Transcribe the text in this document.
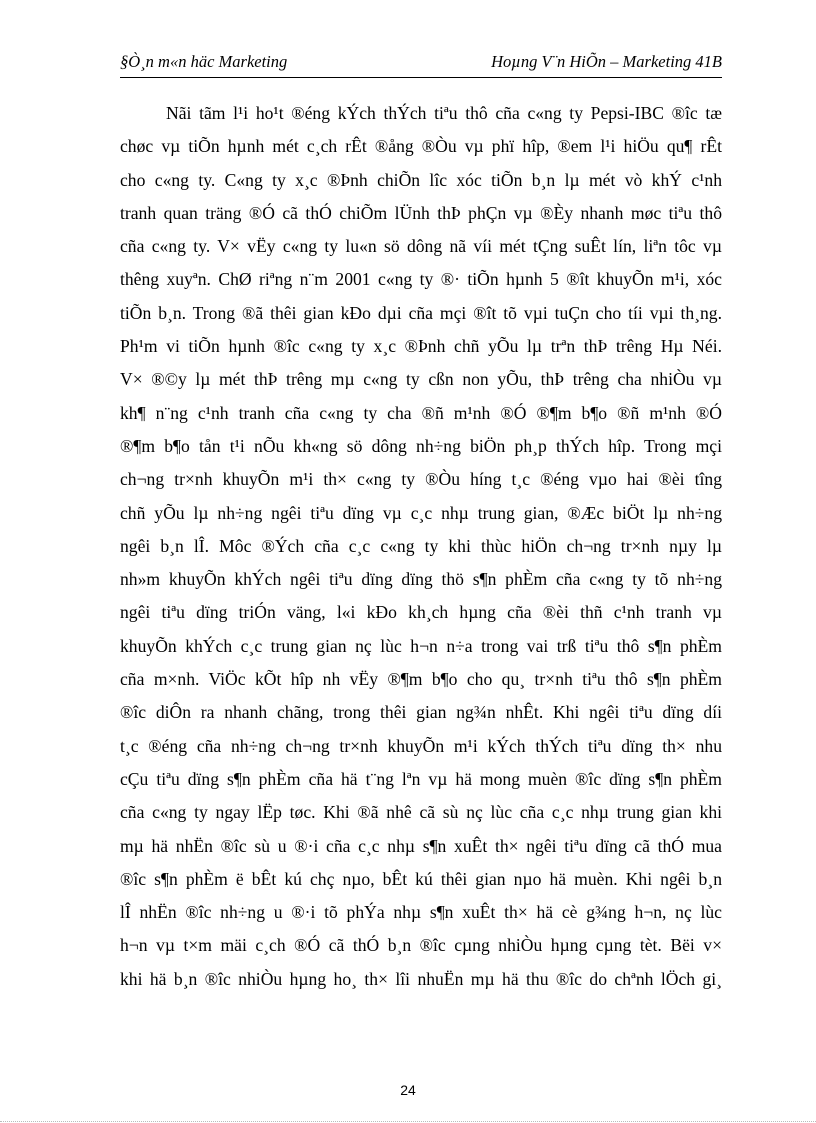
§Ò¸n m«n häc Marketing	Hoµng V¨n HiÕn – Marketing 41B
Nãi tãm l¹i ho¹t ®éng kÝch thÝch tiªu thô cña c«ng ty Pepsi-IBC ®îc tæ
chøc vµ tiÕn hµnh mét c¸ch rÊt ®ång ®Òu vµ phï hîp, ®em l¹i hiÖu qu¶ rÊt
cho c«ng ty. C«ng ty x¸c ®Þnh chiÕn lîc xóc tiÕn b¸n lµ mét vò khÝ c¹nh
tranh quan träng ®Ó cã thÓ chiÕm lÜnh thÞ phÇn vµ ®Èy nhanh møc tiªu thô
cña c«ng ty. V× vËy c«ng ty lu«n sö dông nã víi mét tÇng suÊt lín, liªn tôc vµ
thêng xuyªn. ChØ riªng n¨m 2001 c«ng ty ®· tiÕn hµnh 5 ®ît khuyÕn m¹i, xóc
tiÕn b¸n. Trong ®ã thêi gian kÐo dµi cña mçi ®ît tõ vµi tuÇn cho tíi vµi th¸ng.
Ph¹m vi tiÕn hµnh ®îc c«ng ty x¸c ®Þnh chñ yÕu lµ trªn thÞ trêng Hµ Néi.
V× ®©y lµ mét thÞ trêng mµ c«ng ty cßn non yÕu, thÞ trêng cha nhiÒu vµ
kh¶ n¨ng c¹nh tranh cña c«ng ty cha ®ñ m¹nh ®Ó ®¶m b¶o ®ñ m¹nh ®Ó
®¶m b¶o tån t¹i nÕu kh«ng sö dông nh÷ng biÖn ph¸p thÝch hîp. Trong mçi
ch¬ng tr×nh khuyÕn m¹i th× c«ng ty ®Òu híng t¸c ®éng vµo hai ®èi tîng
chñ yÕu lµ nh÷ng ngêi tiªu dïng vµ c¸c nhµ trung gian, ®Æc biÖt lµ nh÷ng
ngêi b¸n lÎ. Môc ®Ých cña c¸c c«ng ty khi thùc hiÖn ch¬ng tr×nh nµy lµ
nh»m khuyÕn khÝch ngêi tiªu dïng dïng thö s¶n phÈm cña c«ng ty tõ nh÷ng
ngêi tiªu dïng triÓn väng, l«i kÐo kh¸ch hµng cña ®èi thñ c¹nh tranh vµ
khuyÕn khÝch c¸c trung gian nç lùc h¬n n÷a trong vai trß tiªu thô s¶n phÈm
cña m×nh. ViÖc kÕt hîp nh vËy ®¶m b¶o cho qu¸ tr×nh tiªu thô s¶n phÈm
®îc diÔn ra nhanh chãng, trong thêi gian ng¾n nhÊt. Khi ngêi tiªu dïng díi
t¸c ®éng cña nh÷ng ch¬ng tr×nh khuyÕn m¹i kÝch thÝch tiªu dïng th× nhu
cÇu tiªu dïng s¶n phÈm cña hä t¨ng lªn vµ hä mong muèn ®îc dïng s¶n phÈm
cña c«ng ty ngay lËp tøc. Khi ®ã nhê cã sù nç lùc cña c¸c nhµ trung gian khi
mµ hä nhËn ®îc sù u ®·i cña c¸c nhµ s¶n xuÊt th× ngêi tiªu dïng cã thÓ mua
®îc s¶n phÈm ë bÊt kú chç nµo, bÊt kú thêi gian nµo hä muèn. Khi ngêi b¸n
lÎ nhËn ®îc nh÷ng u ®·i tõ phÝa nhµ s¶n xuÊt th× hä cè g¾ng h¬n, nç lùc
h¬n vµ t×m mäi c¸ch ®Ó cã thÓ b¸n ®îc cµng nhiÒu hµng cµng tèt. Bëi v×
khi hä b¸n ®îc nhiÒu hµng ho¸ th× lîi nhuËn mµ hä thu ®îc do chªnh lÖch gi¸
24
